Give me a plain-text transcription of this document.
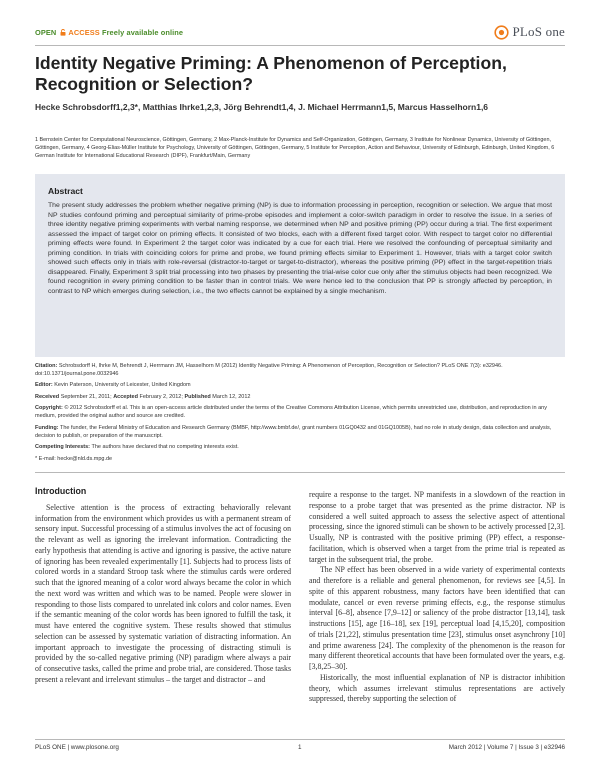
OPEN ACCESS Freely available online	PLoS one
Identity Negative Priming: A Phenomenon of Perception, Recognition or Selection?
Hecke Schrobsdorff1,2,3*, Matthias Ihrke1,2,3, Jörg Behrendt1,4, J. Michael Herrmann1,5, Marcus Hasselhorn1,6
1 Bernstein Center for Computational Neuroscience, Göttingen, Germany, 2 Max-Planck-Institute for Dynamics and Self-Organization, Göttingen, Germany, 3 Institute for Nonlinear Dynamics, University of Göttingen, Göttingen, Germany, 4 Georg-Elias-Müller Institute for Psychology, University of Göttingen, Göttingen, Germany, 5 Institute for Perception, Action and Behaviour, University of Edinburgh, Edinburgh, United Kingdom, 6 German Institute for International Educational Research (DIPF), Frankfurt/Main, Germany
Abstract
The present study addresses the problem whether negative priming (NP) is due to information processing in perception, recognition or selection. We argue that most NP studies confound priming and perceptual similarity of prime-probe episodes and implement a color-switch paradigm in order to resolve the issue. In a series of three identity negative priming experiments with verbal naming response, we determined when NP and positive priming (PP) occur during a trial. The first experiment assessed the impact of target color on priming effects. It consisted of two blocks, each with a different fixed target color. With respect to target color no differential priming effects were found. In Experiment 2 the target color was indicated by a cue for each trial. Here we resolved the confounding of perceptual similarity and priming condition. In trials with coinciding colors for prime and probe, we found priming effects similar to Experiment 1. However, trials with a target color switch showed such effects only in trials with role-reversal (distractor-to-target or target-to-distractor), whereas the positive priming (PP) effect in the target-repetition trials disappeared. Finally, Experiment 3 split trial processing into two phases by presenting the trial-wise color cue only after the stimulus objects had been recognized. We found recognition in every priming condition to be faster than in control trials. We were hence led to the conclusion that PP is strongly affected by perception, in contrast to NP which emerges during selection, i.e., the two effects cannot be explained by a single mechanism.

Citation: Schrobsdorff H, Ihrke M, Behrendt J, Herrmann JM, Hasselhorn M (2012) Identity Negative Priming: A Phenomenon of Perception, Recognition or Selection? PLoS ONE 7(3): e32946. doi:10.1371/journal.pone.0032946

Editor: Kevin Paterson, University of Leicester, United Kingdom

Received September 21, 2011; Accepted February 2, 2012; Published March 12, 2012

Copyright: © 2012 Schrobsdorff et al. This is an open-access article distributed under the terms of the Creative Commons Attribution License, which permits unrestricted use, distribution, and reproduction in any medium, provided the original author and source are credited.

Funding: The funder, the Federal Ministry of Education and Research Germany (BMBF, http://www.bmbf.de/, grant numbers 01GQ0432 and 01GQ1005B), had no role in study design, data collection and analysis, decision to publish, or preparation of the manuscript.

Competing Interests: The authors have declared that no competing interests exist.

* E-mail: hecke@nld.ds.mpg.de

Introduction

Selective attention is the process of extracting behaviorally relevant information from the environment which provides us with a permanent stream of sensory input. Successful processing of a stimulus involves the act of focusing on the relevant as well as ignoring the irrelevant information. Contradicting the early hypothesis that attending is active and ignoring is passive, the active nature of ignoring has been revealed experimentally [1]. Subjects had to process lists of colored words in a standard Stroop task where the stimulus cards were ordered such that the ignored meaning of a color word always became the color in which the next word was written and which was to be named. People were slower in responding to those lists compared to unrelated ink colors and color names. Even if the semantic meaning of the color words has been ignored to fulfill the task, it must have entered the cognitive system. These results showed that stimulus selection can be assessed by systematic variation of distracting information. An important approach to investigate the processing of distracting stimuli is provided by the so-called negative priming (NP) paradigm where always a pair of consecutive tasks, called the prime and probe trial, are considered. Those tasks present a relevant and irrelevant stimulus – the target and distractor – and

require a response to the target. NP manifests in a slowdown of the reaction in response to a probe target that was presented as the prime distractor. NP is considered a well suited approach to assess the selective aspect of attentional processing, since the ignored stimuli can be shown to be actively processed [2,3]. Usually, NP is contrasted with the positive priming (PP) effect, a response-facilitation, which is observed when a target from the prime trial is repeated as target in the subsequent trial, the probe.

The NP effect has been observed in a wide variety of experimental contexts and therefore is a reliable and general phenomenon, for reviews see [4,5]. In spite of this apparent robustness, many factors have been identified that can modulate, cancel or even reverse priming effects, e.g., the response stimulus interval [6–8], absence [7,9–12] or saliency of the probe distractor [13,14], task instructions [15], age [16–18], sex [19], perceptual load [4,15,20], composition of trials [21,22], stimulus presentation time [23], stimulus onset asynchrony [10] and prime awareness [24]. The complexity of the phenomenon is the reason for many different theoretical accounts that have been formulated over the years, e.g. [3,8,25–30].

Historically, the most influential explanation of NP is distractor inhibition theory, which assumes irrelevant stimulus representations are actively suppressed, thereby supporting the selection of

PLoS ONE | www.plosone.org	1	March 2012 | Volume 7 | Issue 3 | e32946
